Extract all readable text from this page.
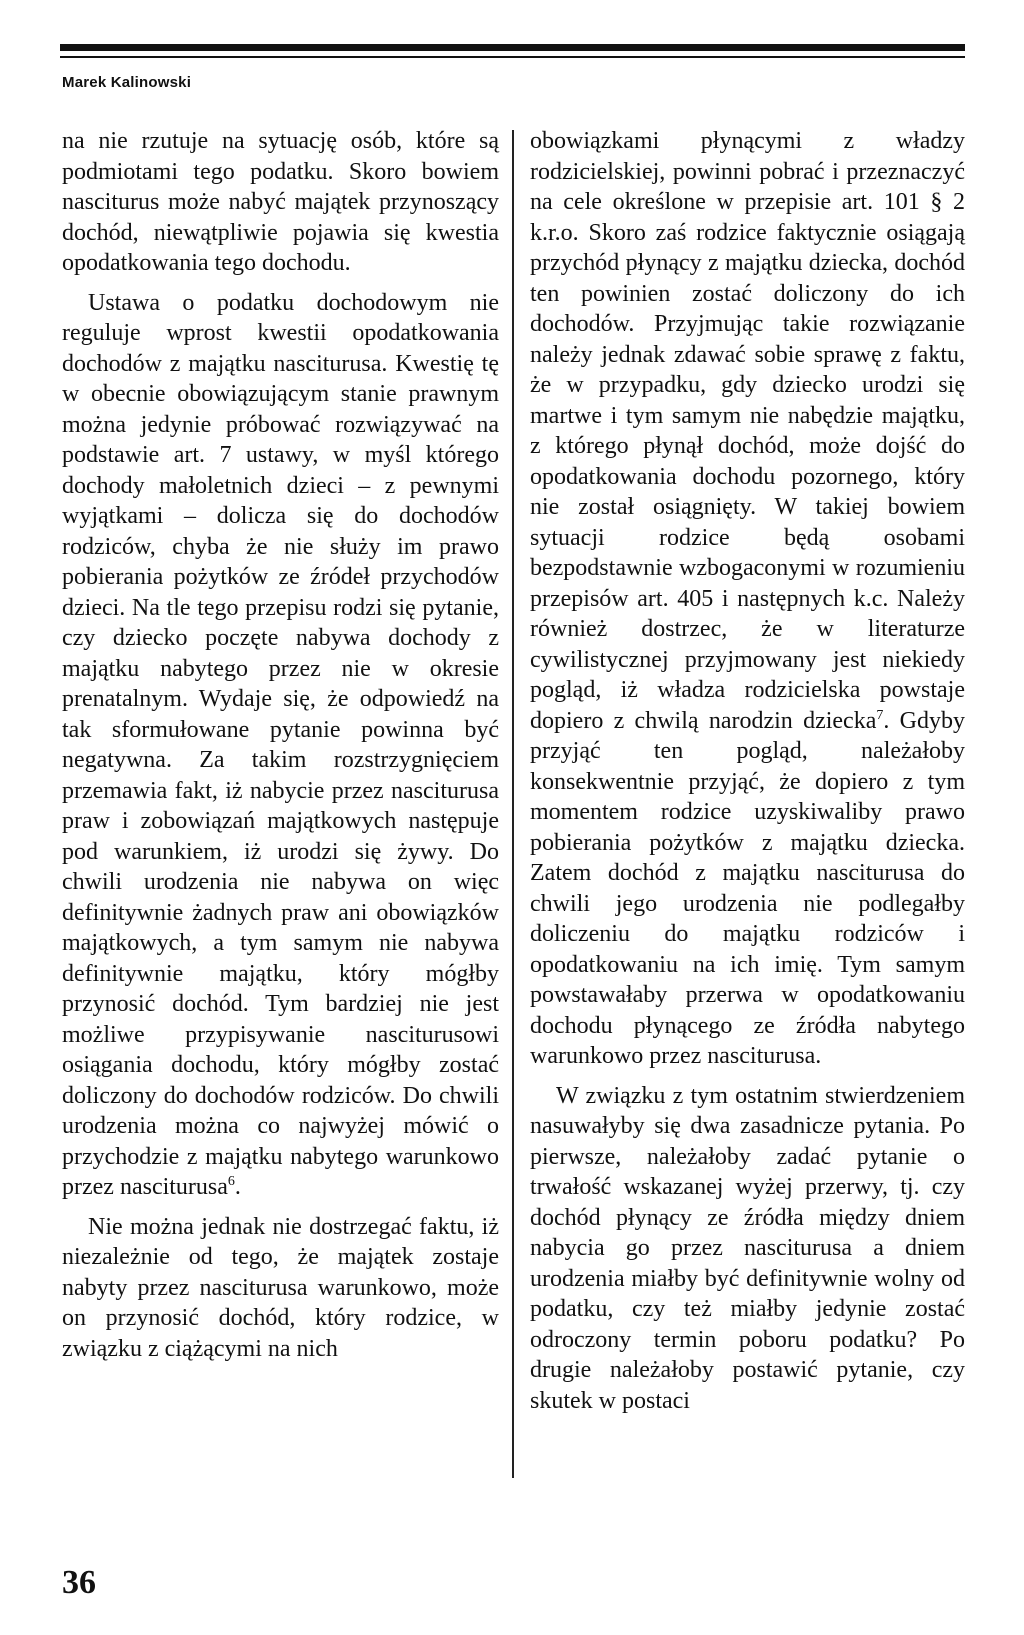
Marek Kalinowski

na nie rzutuje na sytuację osób, które są podmiotami tego podatku. Skoro bowiem nasciturus może nabyć majątek przynoszący dochód, niewątpliwie pojawia się kwestia opodatkowania tego dochodu.

Ustawa o podatku dochodowym nie reguluje wprost kwestii opodatkowania dochodów z majątku nasciturusa. Kwestię tę w obecnie obowiązującym stanie prawnym można jedynie próbować rozwiązywać na podstawie art. 7 ustawy, w myśl którego dochody małoletnich dzieci – z pewnymi wyjątkami – dolicza się do dochodów rodziców, chyba że nie służy im prawo pobierania pożytków ze źródeł przychodów dzieci. Na tle tego przepisu rodzi się pytanie, czy dziecko poczęte nabywa dochody z majątku nabytego przez nie w okresie prenatalnym. Wydaje się, że odpowiedź na tak sformułowane pytanie powinna być negatywna. Za takim rozstrzygnięciem przemawia fakt, iż nabycie przez nasciturusa praw i zobowiązań majątkowych następuje pod warunkiem, iż urodzi się żywy. Do chwili urodzenia nie nabywa on więc definitywnie żadnych praw ani obowiązków majątkowych, a tym samym nie nabywa definitywnie majątku, który mógłby przynosić dochód. Tym bardziej nie jest możliwe przypisywanie nasciturusowi osiągania dochodu, który mógłby zostać doliczony do dochodów rodziców. Do chwili urodzenia można co najwyżej mówić o przychodzie z majątku nabytego warunkowo przez nasciturusa$^6$.

Nie można jednak nie dostrzegać faktu, iż niezależnie od tego, że majątek zostaje nabyty przez nasciturusa warunkowo, może on przynosić dochód, który rodzice, w związku z ciążącymi na nich

obowiązkami płynącymi z władzy rodzicielskiej, powinni pobrać i przeznaczyć na cele określone w przepisie art. 101 § 2 k.r.o. Skoro zaś rodzice faktycznie osiągają przychód płynący z majątku dziecka, dochód ten powinien zostać doliczony do ich dochodów. Przyjmując takie rozwiązanie należy jednak zdawać sobie sprawę z faktu, że w przypadku, gdy dziecko urodzi się martwe i tym samym nie nabędzie majątku, z którego płynął dochód, może dojść do opodatkowania dochodu pozornego, który nie został osiągnięty. W takiej bowiem sytuacji rodzice będą osobami bezpodstawnie wzbogaconymi w rozumieniu przepisów art. 405 i następnych k.c. Należy również dostrzec, że w literaturze cywilistycznej przyjmowany jest niekiedy pogląd, iż władza rodzicielska powstaje dopiero z chwilą narodzin dziecka$^7$. Gdyby przyjąć ten pogląd, należałoby konsekwentnie przyjąć, że dopiero z tym momentem rodzice uzyskiwaliby prawo pobierania pożytków z majątku dziecka. Zatem dochód z majątku nasciturusa do chwili jego urodzenia nie podlegałby doliczeniu do majątku rodziców i opodatkowaniu na ich imię. Tym samym powstawałaby przerwa w opodatkowaniu dochodu płynącego ze źródła nabytego warunkowo przez nasciturusa.

W związku z tym ostatnim stwierdzeniem nasuwałyby się dwa zasadnicze pytania. Po pierwsze, należałoby zadać pytanie o trwałość wskazanej wyżej przerwy, tj. czy dochód płynący ze źródła między dniem nabycia go przez nasciturusa a dniem urodzenia miałby być definitywnie wolny od podatku, czy też miałby jedynie zostać odroczony termin poboru podatku? Po drugie należałoby postawić pytanie, czy skutek w postaci

36
